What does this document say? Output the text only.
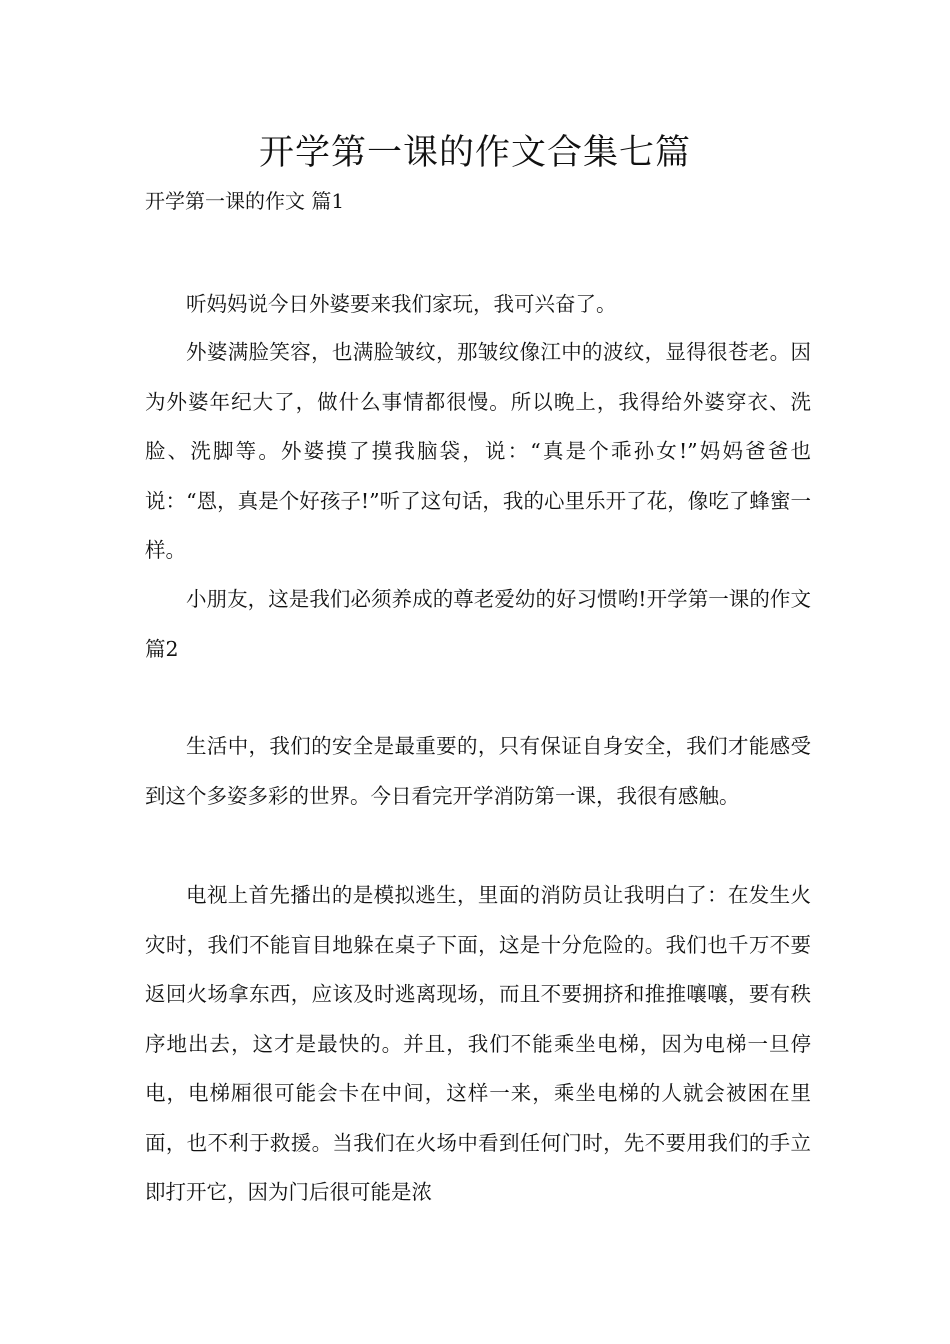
开学第一课的作文合集七篇
开学第一课的作文 篇1

听妈妈说今日外婆要来我们家玩，我可兴奋了。

外婆满脸笑容，也满脸皱纹，那皱纹像江中的波纹，显得很苍老。因为外婆年纪大了，做什么事情都很慢。所以晚上，我得给外婆穿衣、洗脸、洗脚等。外婆摸了摸我脑袋，说：“真是个乖孙女!”妈妈爸爸也说：“恩，真是个好孩子!”听了这句话，我的心里乐开了花，像吃了蜂蜜一样。

小朋友，这是我们必须养成的尊老爱幼的好习惯哟!开学第一课的作文 篇2

生活中，我们的安全是最重要的，只有保证自身安全，我们才能感受到这个多姿多彩的世界。今日看完开学消防第一课，我很有感触。

电视上首先播出的是模拟逃生，里面的消防员让我明白了：在发生火灾时，我们不能盲目地躲在桌子下面，这是十分危险的。我们也千万不要返回火场拿东西，应该及时逃离现场，而且不要拥挤和推推嚷嚷，要有秩序地出去，这才是最快的。并且，我们不能乘坐电梯，因为电梯一旦停电，电梯厢很可能会卡在中间，这样一来，乘坐电梯的人就会被困在里面，也不利于救援。当我们在火场中看到任何门时，先不要用我们的手立即打开它，因为门后很可能是浓
